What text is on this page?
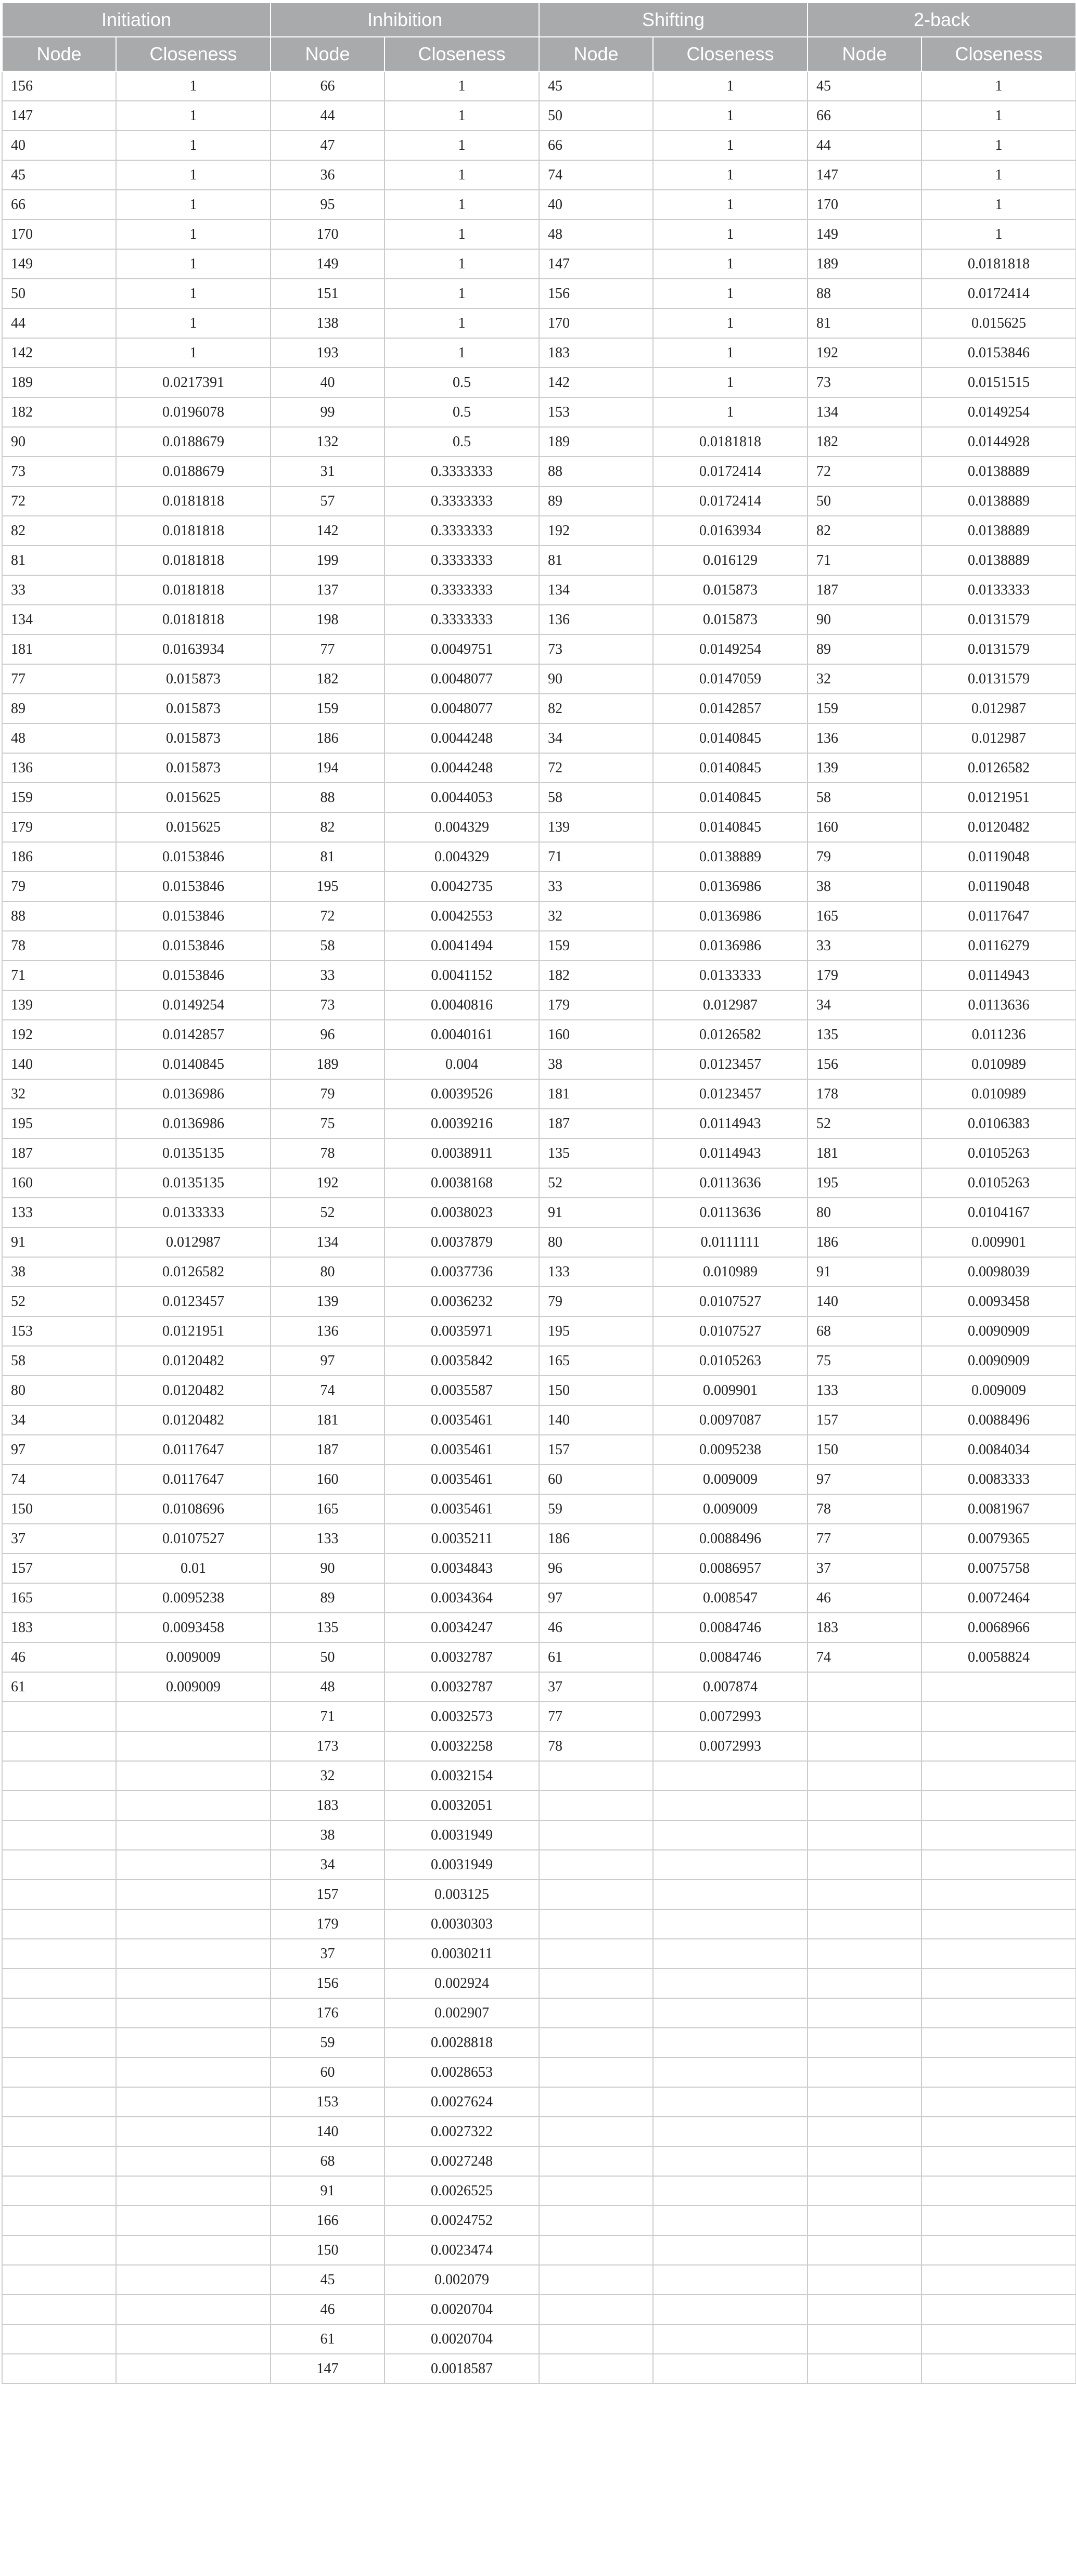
Initiation		Inhibition		Shifting		2-back	
Node	Closeness	Node	Closeness	Node	Closeness	Node	Closeness
156	1	66	1	45	1	45	1
147	1	44	1	50	1	66	1
40	1	47	1	66	1	44	1
45	1	36	1	74	1	147	1
66	1	95	1	40	1	170	1
170	1	170	1	48	1	149	1
149	1	149	1	147	1	189	0.0181818
50	1	151	1	156	1	88	0.0172414
44	1	138	1	170	1	81	0.015625
142	1	193	1	183	1	192	0.0153846
189	0.0217391	40	0.5	142	1	73	0.0151515
182	0.0196078	99	0.5	153	1	134	0.0149254
90	0.0188679	132	0.5	189	0.0181818	182	0.0144928
73	0.0188679	31	0.3333333	88	0.0172414	72	0.0138889
72	0.0181818	57	0.3333333	89	0.0172414	50	0.0138889
82	0.0181818	142	0.3333333	192	0.0163934	82	0.0138889
81	0.0181818	199	0.3333333	81	0.016129	71	0.0138889
33	0.0181818	137	0.3333333	134	0.015873	187	0.0133333
134	0.0181818	198	0.3333333	136	0.015873	90	0.0131579
181	0.0163934	77	0.0049751	73	0.0149254	89	0.0131579
77	0.015873	182	0.0048077	90	0.0147059	32	0.0131579
89	0.015873	159	0.0048077	82	0.0142857	159	0.012987
48	0.015873	186	0.0044248	34	0.0140845	136	0.012987
136	0.015873	194	0.0044248	72	0.0140845	139	0.0126582
159	0.015625	88	0.0044053	58	0.0140845	58	0.0121951
179	0.015625	82	0.004329	139	0.0140845	160	0.0120482
186	0.0153846	81	0.004329	71	0.0138889	79	0.0119048
79	0.0153846	195	0.0042735	33	0.0136986	38	0.0119048
88	0.0153846	72	0.0042553	32	0.0136986	165	0.0117647
78	0.0153846	58	0.0041494	159	0.0136986	33	0.0116279
71	0.0153846	33	0.0041152	182	0.0133333	179	0.0114943
139	0.0149254	73	0.0040816	179	0.012987	34	0.0113636
192	0.0142857	96	0.0040161	160	0.0126582	135	0.011236
140	0.0140845	189	0.004	38	0.0123457	156	0.010989
32	0.0136986	79	0.0039526	181	0.0123457	178	0.010989
195	0.0136986	75	0.0039216	187	0.0114943	52	0.0106383
187	0.0135135	78	0.0038911	135	0.0114943	181	0.0105263
160	0.0135135	192	0.0038168	52	0.0113636	195	0.0105263
133	0.0133333	52	0.0038023	91	0.0113636	80	0.0104167
91	0.012987	134	0.0037879	80	0.0111111	186	0.009901
38	0.0126582	80	0.0037736	133	0.010989	91	0.0098039
52	0.0123457	139	0.0036232	79	0.0107527	140	0.0093458
153	0.0121951	136	0.0035971	195	0.0107527	68	0.0090909
58	0.0120482	97	0.0035842	165	0.0105263	75	0.0090909
80	0.0120482	74	0.0035587	150	0.009901	133	0.009009
34	0.0120482	181	0.0035461	140	0.0097087	157	0.0088496
97	0.0117647	187	0.0035461	157	0.0095238	150	0.0084034
74	0.0117647	160	0.0035461	60	0.009009	97	0.0083333
150	0.0108696	165	0.0035461	59	0.009009	78	0.0081967
37	0.0107527	133	0.0035211	186	0.0088496	77	0.0079365
157	0.01	90	0.0034843	96	0.0086957	37	0.0075758
165	0.0095238	89	0.0034364	97	0.008547	46	0.0072464
183	0.0093458	135	0.0034247	46	0.0084746	183	0.0068966
46	0.009009	50	0.0032787	61	0.0084746	74	0.0058824
61	0.009009	48	0.0032787	37	0.007874		
		71	0.0032573	77	0.0072993		
		173	0.0032258	78	0.0072993		
		32	0.0032154				
		183	0.0032051				
		38	0.0031949				
		34	0.0031949				
		157	0.003125				
		179	0.0030303				
		37	0.0030211				
		156	0.002924				
		176	0.002907				
		59	0.0028818				
		60	0.0028653				
		153	0.0027624				
		140	0.0027322				
		68	0.0027248				
		91	0.0026525				
		166	0.0024752				
		150	0.0023474				
		45	0.002079				
		46	0.0020704				
		61	0.0020704				
		147	0.0018587				
